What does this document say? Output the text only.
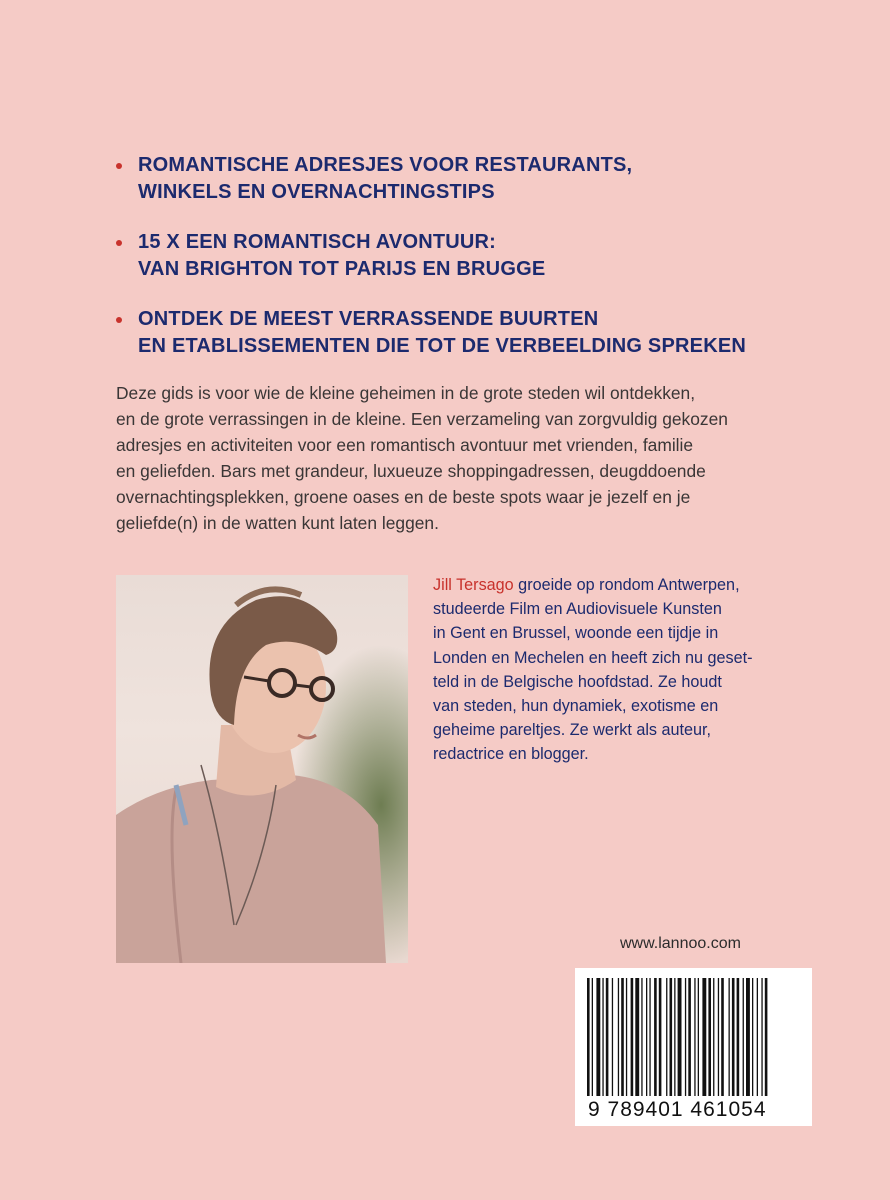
ROMANTISCHE ADRESJES VOOR RESTAURANTS,
WINKELS EN OVERNACHTINGSTIPS
15 X EEN ROMANTISCH AVONTUUR:
VAN BRIGHTON TOT PARIJS EN BRUGGE
ONTDEK DE MEEST VERRASSENDE BUURTEN
EN ETABLISSEMENTEN DIE TOT DE VERBEELDING SPREKEN
Deze gids is voor wie de kleine geheimen in de grote steden wil ontdekken,
en de grote verrassingen in de kleine. Een verzameling van zorgvuldig gekozen
adresjes en activiteiten voor een romantisch avontuur met vrienden, familie
en geliefden. Bars met grandeur, luxueuze shoppingadressen, deugddoende
overnachtingsplekken, groene oases en de beste spots waar je jezelf en je
geliefde(n) in de watten kunt laten leggen.
Jill Tersago groeide op rondom Antwerpen,
studeerde Film en Audiovisuele Kunsten
in Gent en Brussel, woonde een tijdje in
Londen en Mechelen en heeft zich nu geset-
teld in de Belgische hoofdstad. Ze houdt
van steden, hun dynamiek, exotisme en
geheime pareltjes. Ze werkt als auteur,
redactrice en blogger.
www.lannoo.com
9 789401 461054
